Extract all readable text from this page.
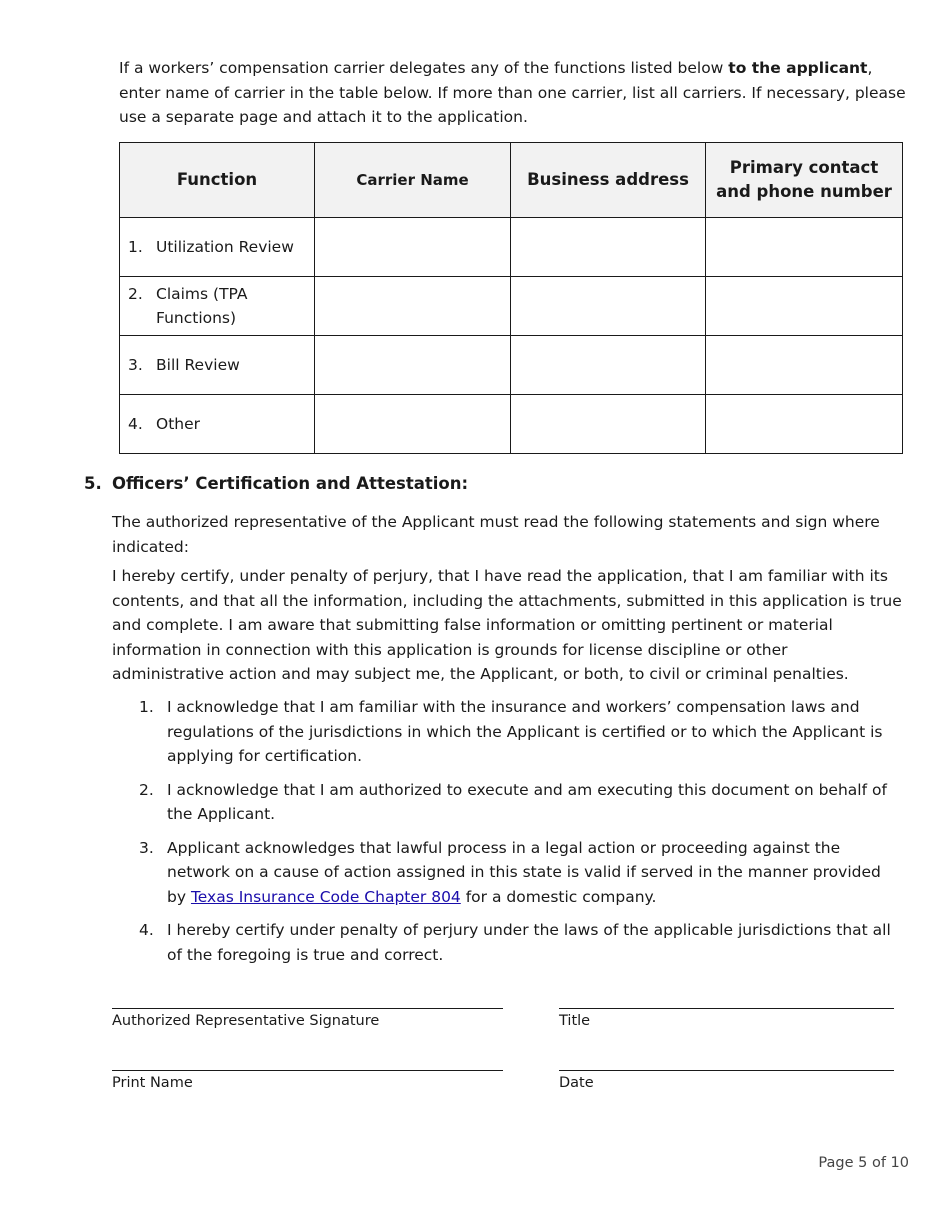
If a workers’ compensation carrier delegates any of the functions listed below to the applicant, enter name of carrier in the table below. If more than one carrier, list all carriers. If necessary, please use a separate page and attach it to the application.

Function	Carrier Name	Business address	Primary contact and phone number

1. Utilization Review			

2. Claims (TPA Functions)			

3. Bill Review			

4. Other			

5. Officers’ Certification and Attestation:

The authorized representative of the Applicant must read the following statements and sign where indicated:

I hereby certify, under penalty of perjury, that I have read the application, that I am familiar with its contents, and that all the information, including the attachments, submitted in this application is true and complete. I am aware that submitting false information or omitting pertinent or material information in connection with this application is grounds for license discipline or other administrative action and may subject me, the Applicant, or both, to civil or criminal penalties.

1. I acknowledge that I am familiar with the insurance and workers’ compensation laws and regulations of the jurisdictions in which the Applicant is certified or to which the Applicant is applying for certification.
2. I acknowledge that I am authorized to execute and am executing this document on behalf of the Applicant.
3. Applicant acknowledges that lawful process in a legal action or proceeding against the network on a cause of action assigned in this state is valid if served in the manner provided by Texas Insurance Code Chapter 804 for a domestic company.
4. I hereby certify under penalty of perjury under the laws of the applicable jurisdictions that all of the foregoing is true and correct.
Authorized Representative Signature	Title
Print Name	Date
Page 5 of 10
